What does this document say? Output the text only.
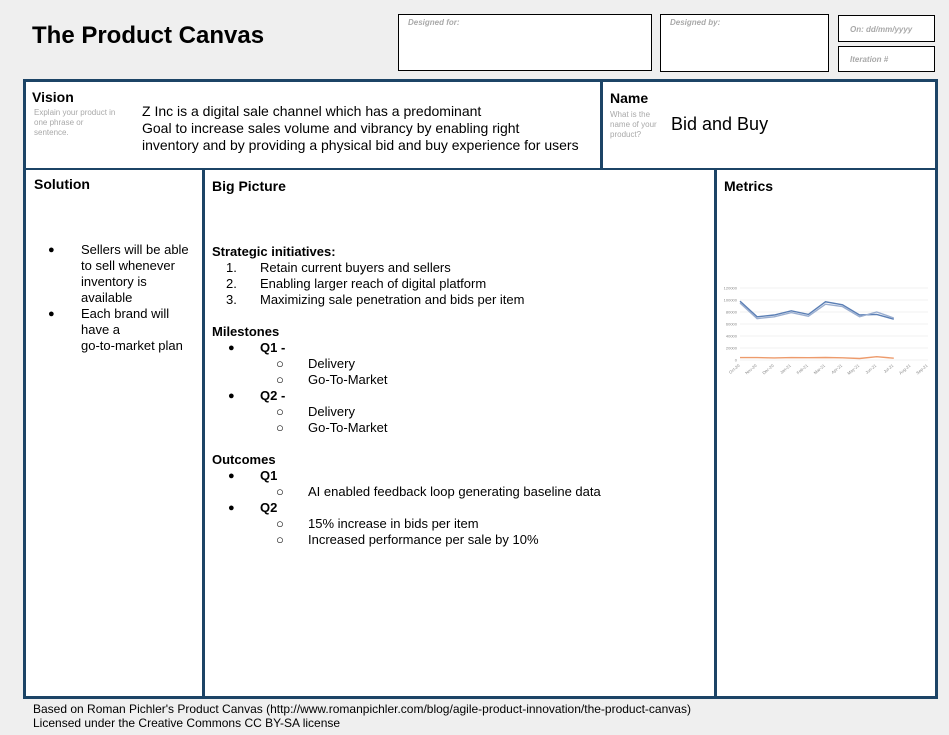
The Product Canvas	Designed for:	Designed by:
On: dd/mm/yyyy
Iteration #
Vision
Explain your product in one phrase or sentence.
Z Inc is a digital sale channel which has a predominant
Goal to increase sales volume and vibrancy by enabling right
inventory and by providing a physical bid and buy experience for users
Name
What is the name of your product?
Bid and Buy
Solution
● Sellers will be able
to sell whenever
inventory is
available
● Each brand will
have a
go-to-market plan
Big Picture
Strategic initiatives:
1. Retain current buyers and sellers
2. Enabling larger reach of digital platform
3. Maximizing sale penetration and bids per item
Milestones
● Q1 -
○ Delivery
○ Go-To-Market
● Q2 -
○ Delivery
○ Go-To-Market
Outcomes
● Q1
○ AI enabled feedback loop generating baseline data
● Q2
○ 15% increase in bids per item
○ Increased performance per sale by 10%
Metrics
0
20000
40000
60000
80000
100000
120000
Oct-20 Nov-20 Dec-20 Jan-21 Feb-21 Mar-21 Apr-21 May-21 Jun-21 Jul-21 Aug-21 Sep-21
Based on Roman Pichler's Product Canvas (http://www.romanpichler.com/blog/agile-product-innovation/the-product-canvas)
Licensed under the Creative Commons CC BY-SA license
